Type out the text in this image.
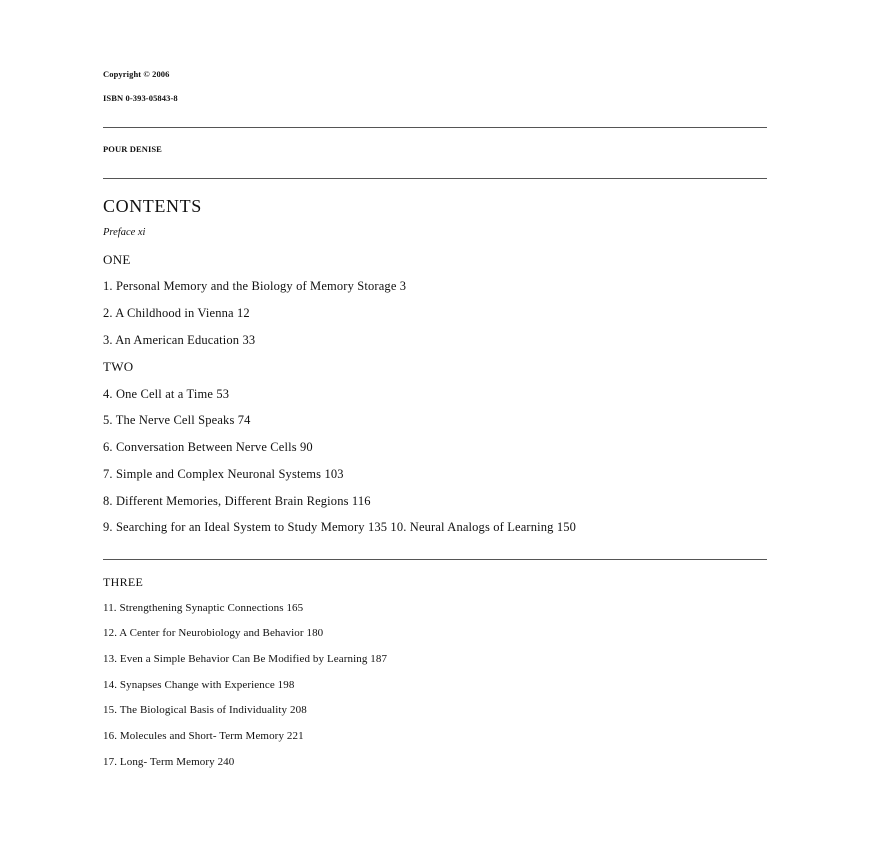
Copyright © 2006
ISBN 0-393-05843-8
POUR DENISE
CONTENTS
Preface xi
ONE
1. Personal Memory and the Biology of Memory Storage 3
2. A Childhood in Vienna 12
3. An American Education 33
TWO
4. One Cell at a Time 53
5. The Nerve Cell Speaks 74
6. Conversation Between Nerve Cells 90
7. Simple and Complex Neuronal Systems 103
8. Different Memories, Different Brain Regions 116
9. Searching for an Ideal System to Study Memory 135 10. Neural Analogs of Learning 150
THREE
11. Strengthening Synaptic Connections 165
12. A Center for Neurobiology and Behavior 180
13. Even a Simple Behavior Can Be Modified by Learning 187
14. Synapses Change with Experience 198
15. The Biological Basis of Individuality 208
16. Molecules and Short- Term Memory 221
17. Long- Term Memory 240
